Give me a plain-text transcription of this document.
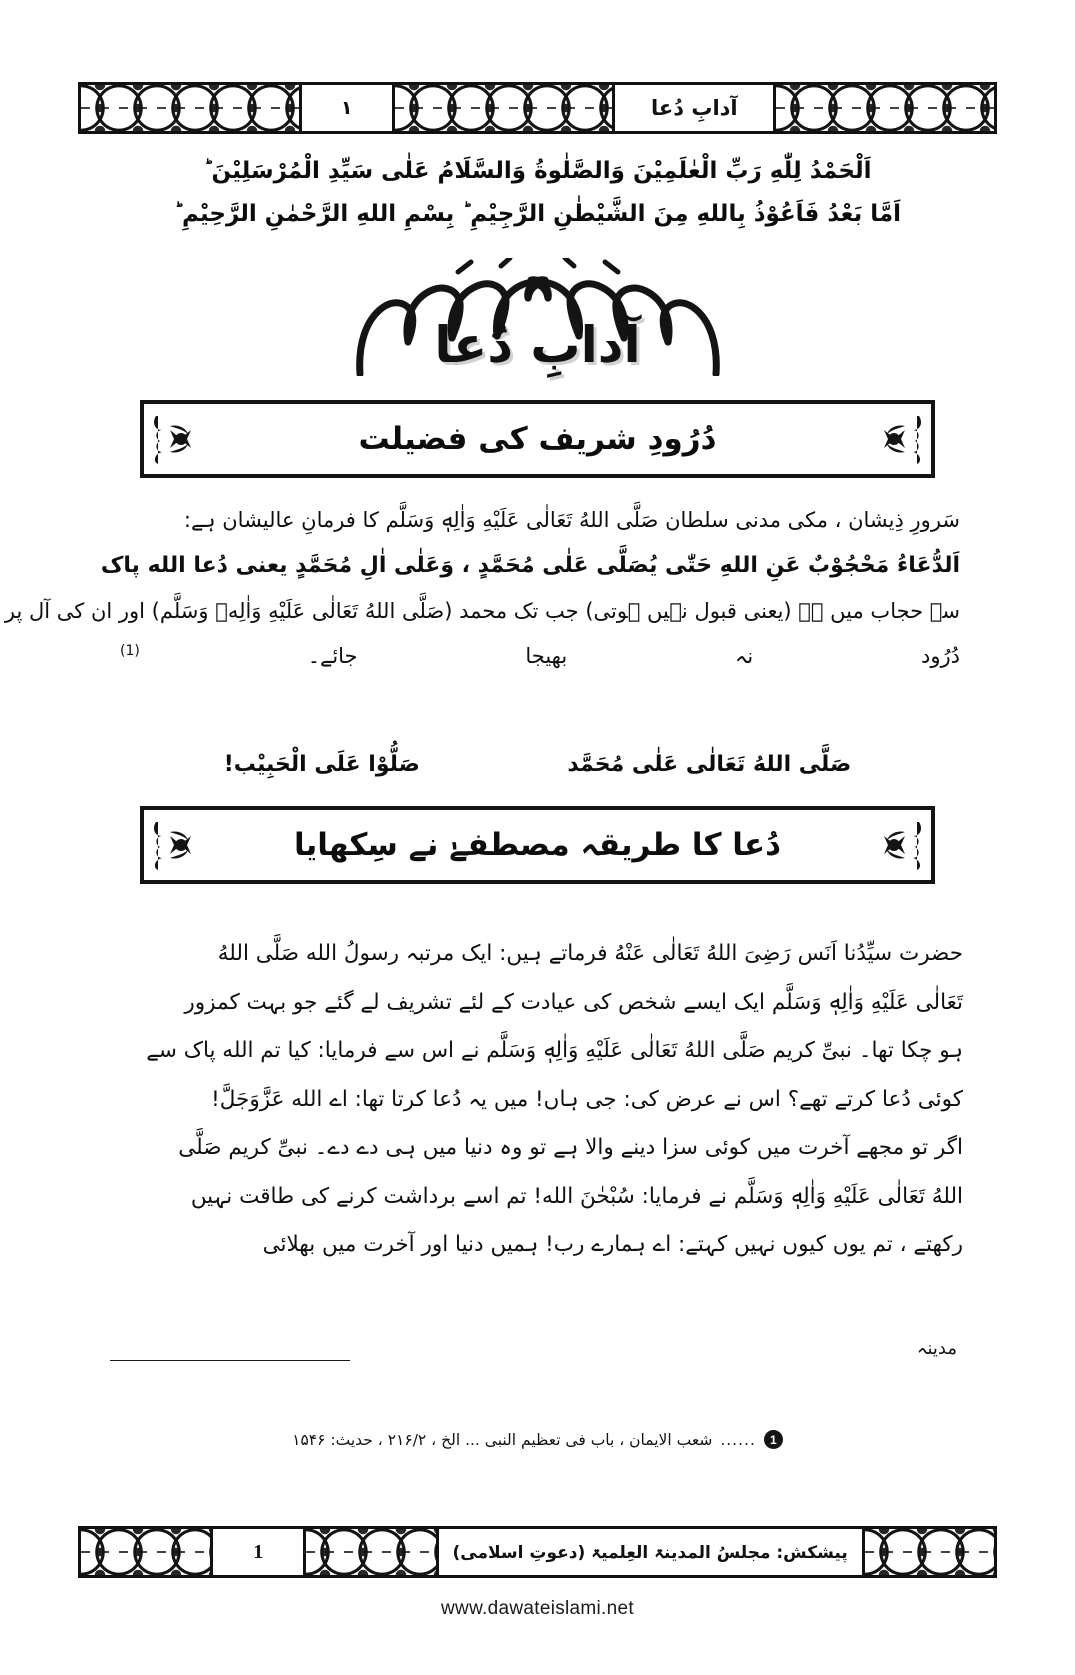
۱	آدابِ دُعا
اَلْحَمْدُ لِلّٰهِ رَبِّ الْعٰلَمِيْنَ وَالصَّلٰوةُ وَالسَّلَامُ عَلٰى سَيِّدِ الْمُرْسَلِيْنَ ؕ
اَمَّا بَعْدُ فَاَعُوْذُ بِاللهِ مِنَ الشَّيْطٰنِ الرَّجِيْمِ ؕ بِسْمِ اللهِ الرَّحْمٰنِ الرَّحِيْمِ ؕ
آدابِ دُعا
دُرُودِ شریف کی فضیلت
سَرورِ ذِیشان ، مکی مدنی سلطان صَلَّی اللهُ تَعَالٰی عَلَیْهِ وَاٰلِهٖ وَسَلَّم کا فرمانِ عالیشان ہے:
اَلدُّعَاءُ مَحْجُوْبٌ عَنِ اللهِ حَتّٰى يُصَلَّى عَلٰى مُحَمَّدٍ ، وَعَلٰى اٰلِ مُحَمَّدٍ یعنی دُعا الله پاک
سے حجاب میں ہے (یعنی قبول نہیں ہوتی) جب تک محمد (صَلَّی اللهُ تَعَالٰی عَلَیْهِ وَاٰلِهٖ وَسَلَّم) اور ان کی آل پر
دُرُود نہ بھیجا جائے۔ $^{(1)}$
صَلَّى اللهُ تَعَالٰى عَلٰى مُحَمَّد
صَلُّوْا عَلَى الْحَبِيْب!
دُعا کا طریقہ مصطفےٰ نے سِکھایا
حضرت سیِّدُنا اَنَس رَضِیَ اللهُ تَعَالٰی عَنْهُ فرماتے ہیں: ایک مرتبہ رسولُ الله صَلَّی اللهُ
تَعَالٰی عَلَیْهِ وَاٰلِهٖ وَسَلَّم ایک ایسے شخص کی عیادت کے لئے تشریف لے گئے جو بہت کمزور
ہو چکا تھا۔ نبیِّ کریم صَلَّی اللهُ تَعَالٰی عَلَیْهِ وَاٰلِهٖ وَسَلَّم نے اس سے فرمایا: کیا تم الله پاک سے
کوئی دُعا کرتے تھے؟ اس نے عرض کی: جی ہاں! میں یہ دُعا کرتا تھا: اے الله عَزَّوَجَلَّ!
اگر تو مجھے آخرت میں کوئی سزا دینے والا ہے تو وہ دنیا میں ہی دے دے۔ نبیِّ کریم صَلَّی
اللهُ تَعَالٰی عَلَیْهِ وَاٰلِهٖ وَسَلَّم نے فرمایا: سُبْحٰنَ الله! تم اسے برداشت کرنے کی طاقت نہیں
رکھتے ، تم یوں کیوں نہیں کہتے: اے ہمارے رب! ہمیں دنیا اور آخرت میں بھلائی
مدینہ
1
......
شعب الایمان ، باب فی تعظیم النبی ... الخ ، ۲۱۶/۲ ، حدیث: ۱۵۴۶
1	پیشکش: مجلسُ المدینۃ العِلمیۃ (دعوتِ اسلامی)
www.dawateislami.net
